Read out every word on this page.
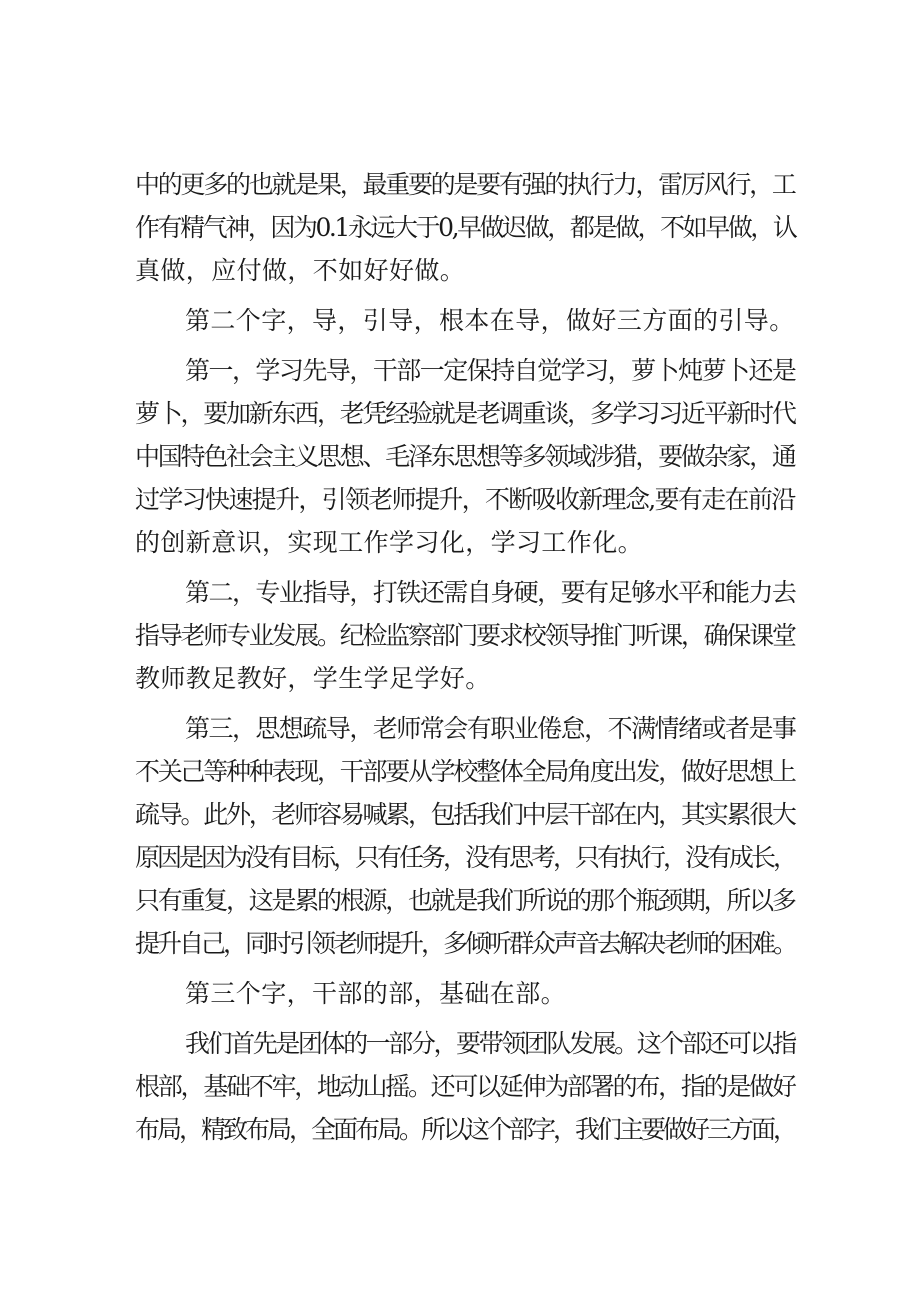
中的更多的也就是果，最重要的是要有强的执行力，雷厉风行，工
作有精气神，因为0.1永远大于0,早做迟做，都是做，不如早做，认
真做，应付做，不如好好做。
第二个字，导，引导，根本在导，做好三方面的引导。
第一，学习先导，干部一定保持自觉学习，萝卜炖萝卜还是
萝卜，要加新东西，老凭经验就是老调重谈，多学习习近平新时代
中国特色社会主义思想、毛泽东思想等多领域涉猎，要做杂家，通
过学习快速提升，引领老师提升，不断吸收新理念,要有走在前沿
的创新意识，实现工作学习化，学习工作化。
第二，专业指导，打铁还需自身硬，要有足够水平和能力去
指导老师专业发展。纪检监察部门要求校领导推门听课，确保课堂
教师教足教好，学生学足学好。
第三，思想疏导，老师常会有职业倦怠，不满情绪或者是事
不关己等种种表现，干部要从学校整体全局角度出发，做好思想上
疏导。此外，老师容易喊累，包括我们中层干部在内，其实累很大
原因是因为没有目标，只有任务，没有思考，只有执行，没有成长，
只有重复，这是累的根源，也就是我们所说的那个瓶颈期，所以多
提升自己，同时引领老师提升，多倾听群众声音去解决老师的困难。
第三个字，干部的部，基础在部。
我们首先是团体的一部分，要带领团队发展。这个部还可以指
根部，基础不牢，地动山摇。还可以延伸为部署的布，指的是做好
布局，精致布局，全面布局。所以这个部字，我们主要做好三方面，
